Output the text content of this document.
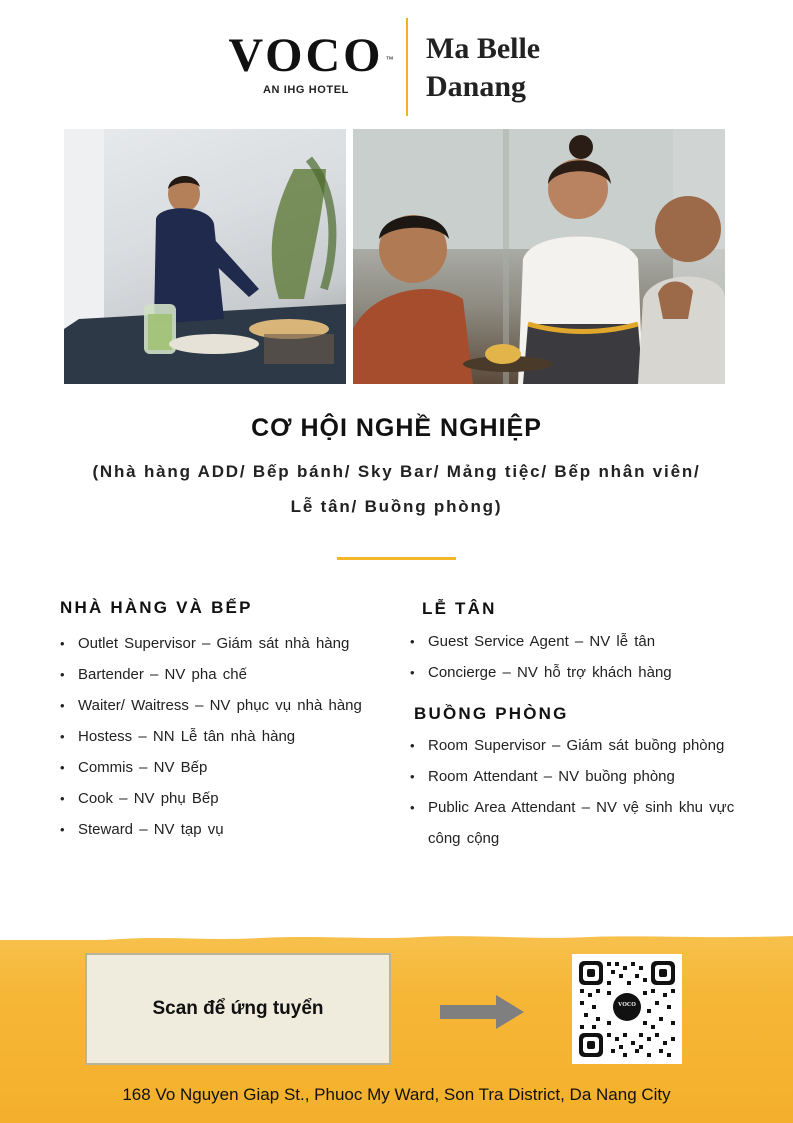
VOCO ™
AN IHG HOTEL
Ma Belle
Danang
CƠ HỘI NGHỀ NGHIỆP
(Nhà hàng ADD/ Bếp bánh/ Sky Bar/ Mảng tiệc/ Bếp nhân viên/
Lễ tân/ Buồng phòng)
NHÀ HÀNG VÀ BẾP
• Outlet Supervisor – Giám sát nhà hàng
• Bartender – NV pha chế
• Waiter/ Waitress – NV phục vụ nhà hàng
• Hostess – NN Lễ tân nhà hàng
• Commis – NV Bếp
• Cook – NV phụ Bếp
• Steward – NV tạp vụ
LỄ TÂN
• Guest Service Agent – NV lễ tân
• Concierge – NV hỗ trợ khách hàng
BUỒNG PHÒNG
• Room Supervisor – Giám sát buồng phòng
• Room Attendant – NV buồng phòng
• Public Area Attendant – NV vệ sinh khu vực công cộng
Scan để ứng tuyển	VOCO
168 Vo Nguyen Giap St., Phuoc My Ward, Son Tra District, Da Nang City
